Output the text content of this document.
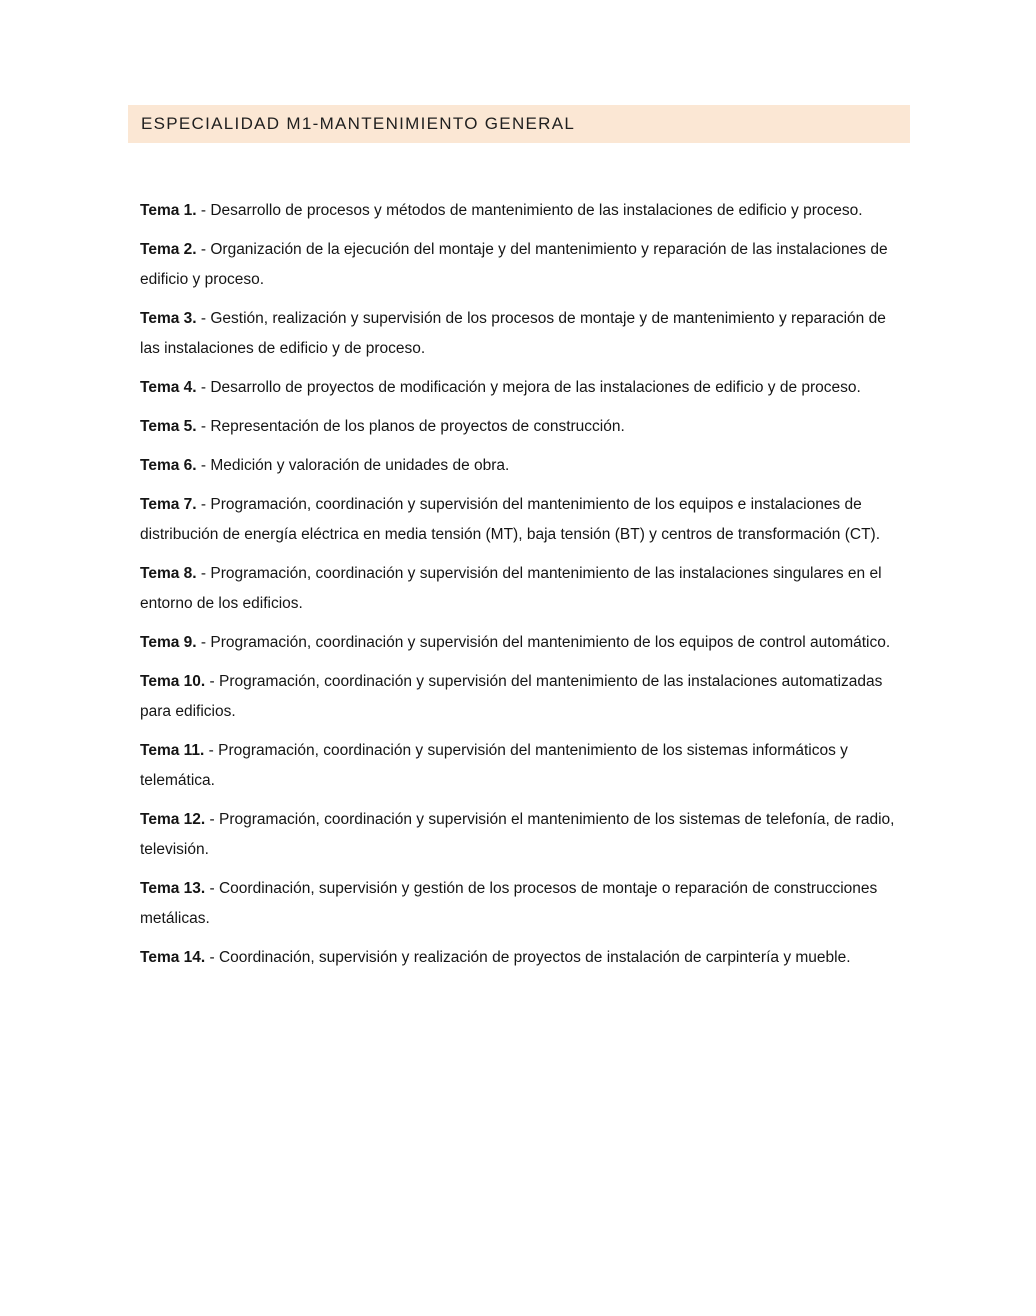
ESPECIALIDAD M1-MANTENIMIENTO GENERAL

Tema 1. - Desarrollo de procesos y métodos de mantenimiento de las instalaciones de edificio y proceso.

Tema 2. - Organización de la ejecución del montaje y del mantenimiento y reparación de las instalaciones de edificio y proceso.

Tema 3. - Gestión, realización y supervisión de los procesos de montaje y de mantenimiento y reparación de las instalaciones de edificio y de proceso.

Tema 4. - Desarrollo de proyectos de modificación y mejora de las instalaciones de edificio y de proceso.

Tema 5. - Representación de los planos de proyectos de construcción.

Tema 6. - Medición y valoración de unidades de obra.

Tema 7. - Programación, coordinación y supervisión del mantenimiento de los equipos e instalaciones de distribución de energía eléctrica en media tensión (MT), baja tensión (BT) y centros de transformación (CT).

Tema 8. - Programación, coordinación y supervisión del mantenimiento de las instalaciones singulares en el entorno de los edificios.

Tema 9. - Programación, coordinación y supervisión del mantenimiento de los equipos de control automático.

Tema 10. - Programación, coordinación y supervisión del mantenimiento de las instalaciones automatizadas para edificios.

Tema 11. - Programación, coordinación y supervisión del mantenimiento de los sistemas informáticos y telemática.

Tema 12. - Programación, coordinación y supervisión el mantenimiento de los sistemas de telefonía, de radio, televisión.

Tema 13. - Coordinación, supervisión y gestión de los procesos de montaje o reparación de construcciones metálicas.

Tema 14. - Coordinación, supervisión y realización de proyectos de instalación de carpintería y mueble.
